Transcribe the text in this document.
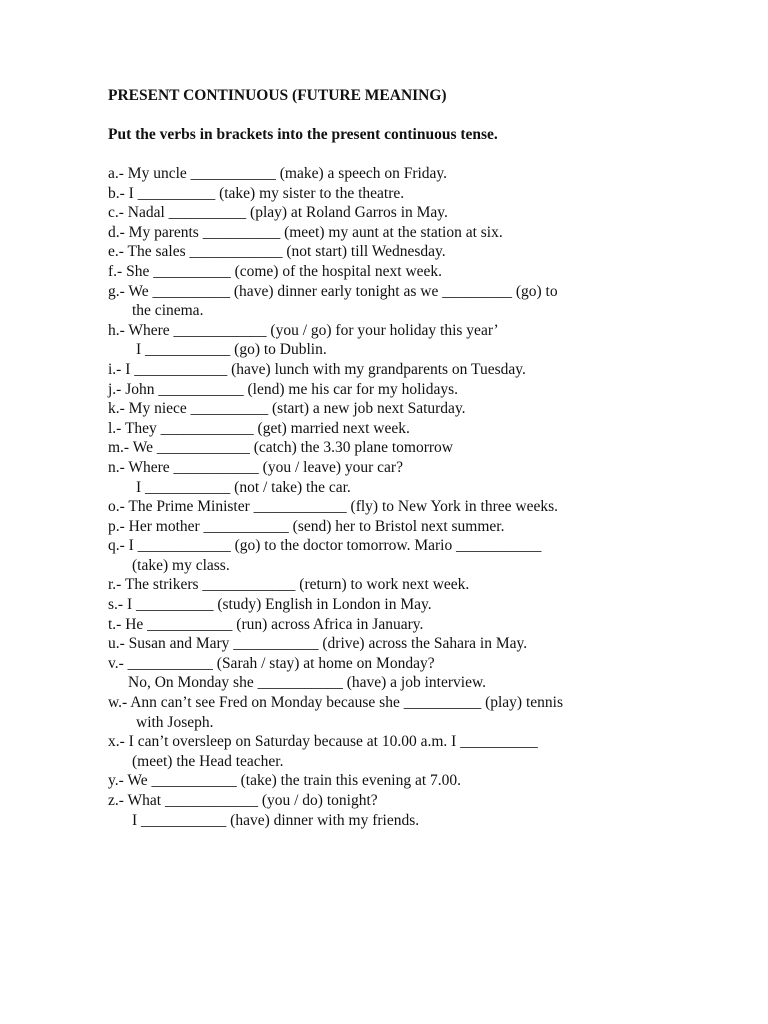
PRESENT CONTINUOUS (FUTURE MEANING)
Put the verbs in brackets into the present continuous tense.
a.- My uncle ___________ (make) a speech on Friday.
b.- I __________ (take) my sister to the theatre.
c.- Nadal __________ (play) at Roland Garros in May.
d.- My parents __________ (meet) my aunt at the station at six.
e.- The sales ____________ (not start) till Wednesday.
f.- She __________ (come) of the hospital next week.
g.- We __________ (have) dinner early tonight as we _________ (go) to
the cinema.
h.- Where ____________ (you / go) for your holiday this year’
I ___________ (go) to Dublin.
i.- I ____________ (have) lunch with my grandparents on Tuesday.
j.- John ___________ (lend) me his car for my holidays.
k.- My niece __________ (start) a new job next Saturday.
l.- They ____________ (get) married next week.
m.- We ____________ (catch) the 3.30 plane tomorrow
n.- Where ___________ (you / leave) your car?
I ___________ (not / take) the car.
o.- The Prime Minister ____________ (fly) to New York in three weeks.
p.- Her mother ___________ (send) her to Bristol next summer.
q.- I ____________ (go) to the doctor tomorrow. Mario ___________
(take) my class.
r.- The strikers ____________ (return) to work next week.
s.- I __________ (study) English in London in May.
t.- He ___________ (run) across Africa in January.
u.- Susan and Mary ___________ (drive) across the Sahara in May.
v.- ___________ (Sarah / stay) at home on Monday?
No, On Monday she ___________ (have) a job interview.
w.- Ann can’t see Fred on Monday because she __________ (play) tennis
with Joseph.
x.- I can’t oversleep on Saturday because at 10.00 a.m. I __________
(meet) the Head teacher.
y.- We ___________ (take) the train this evening at 7.00.
z.- What ____________ (you / do) tonight?
I ___________ (have) dinner with my friends.
